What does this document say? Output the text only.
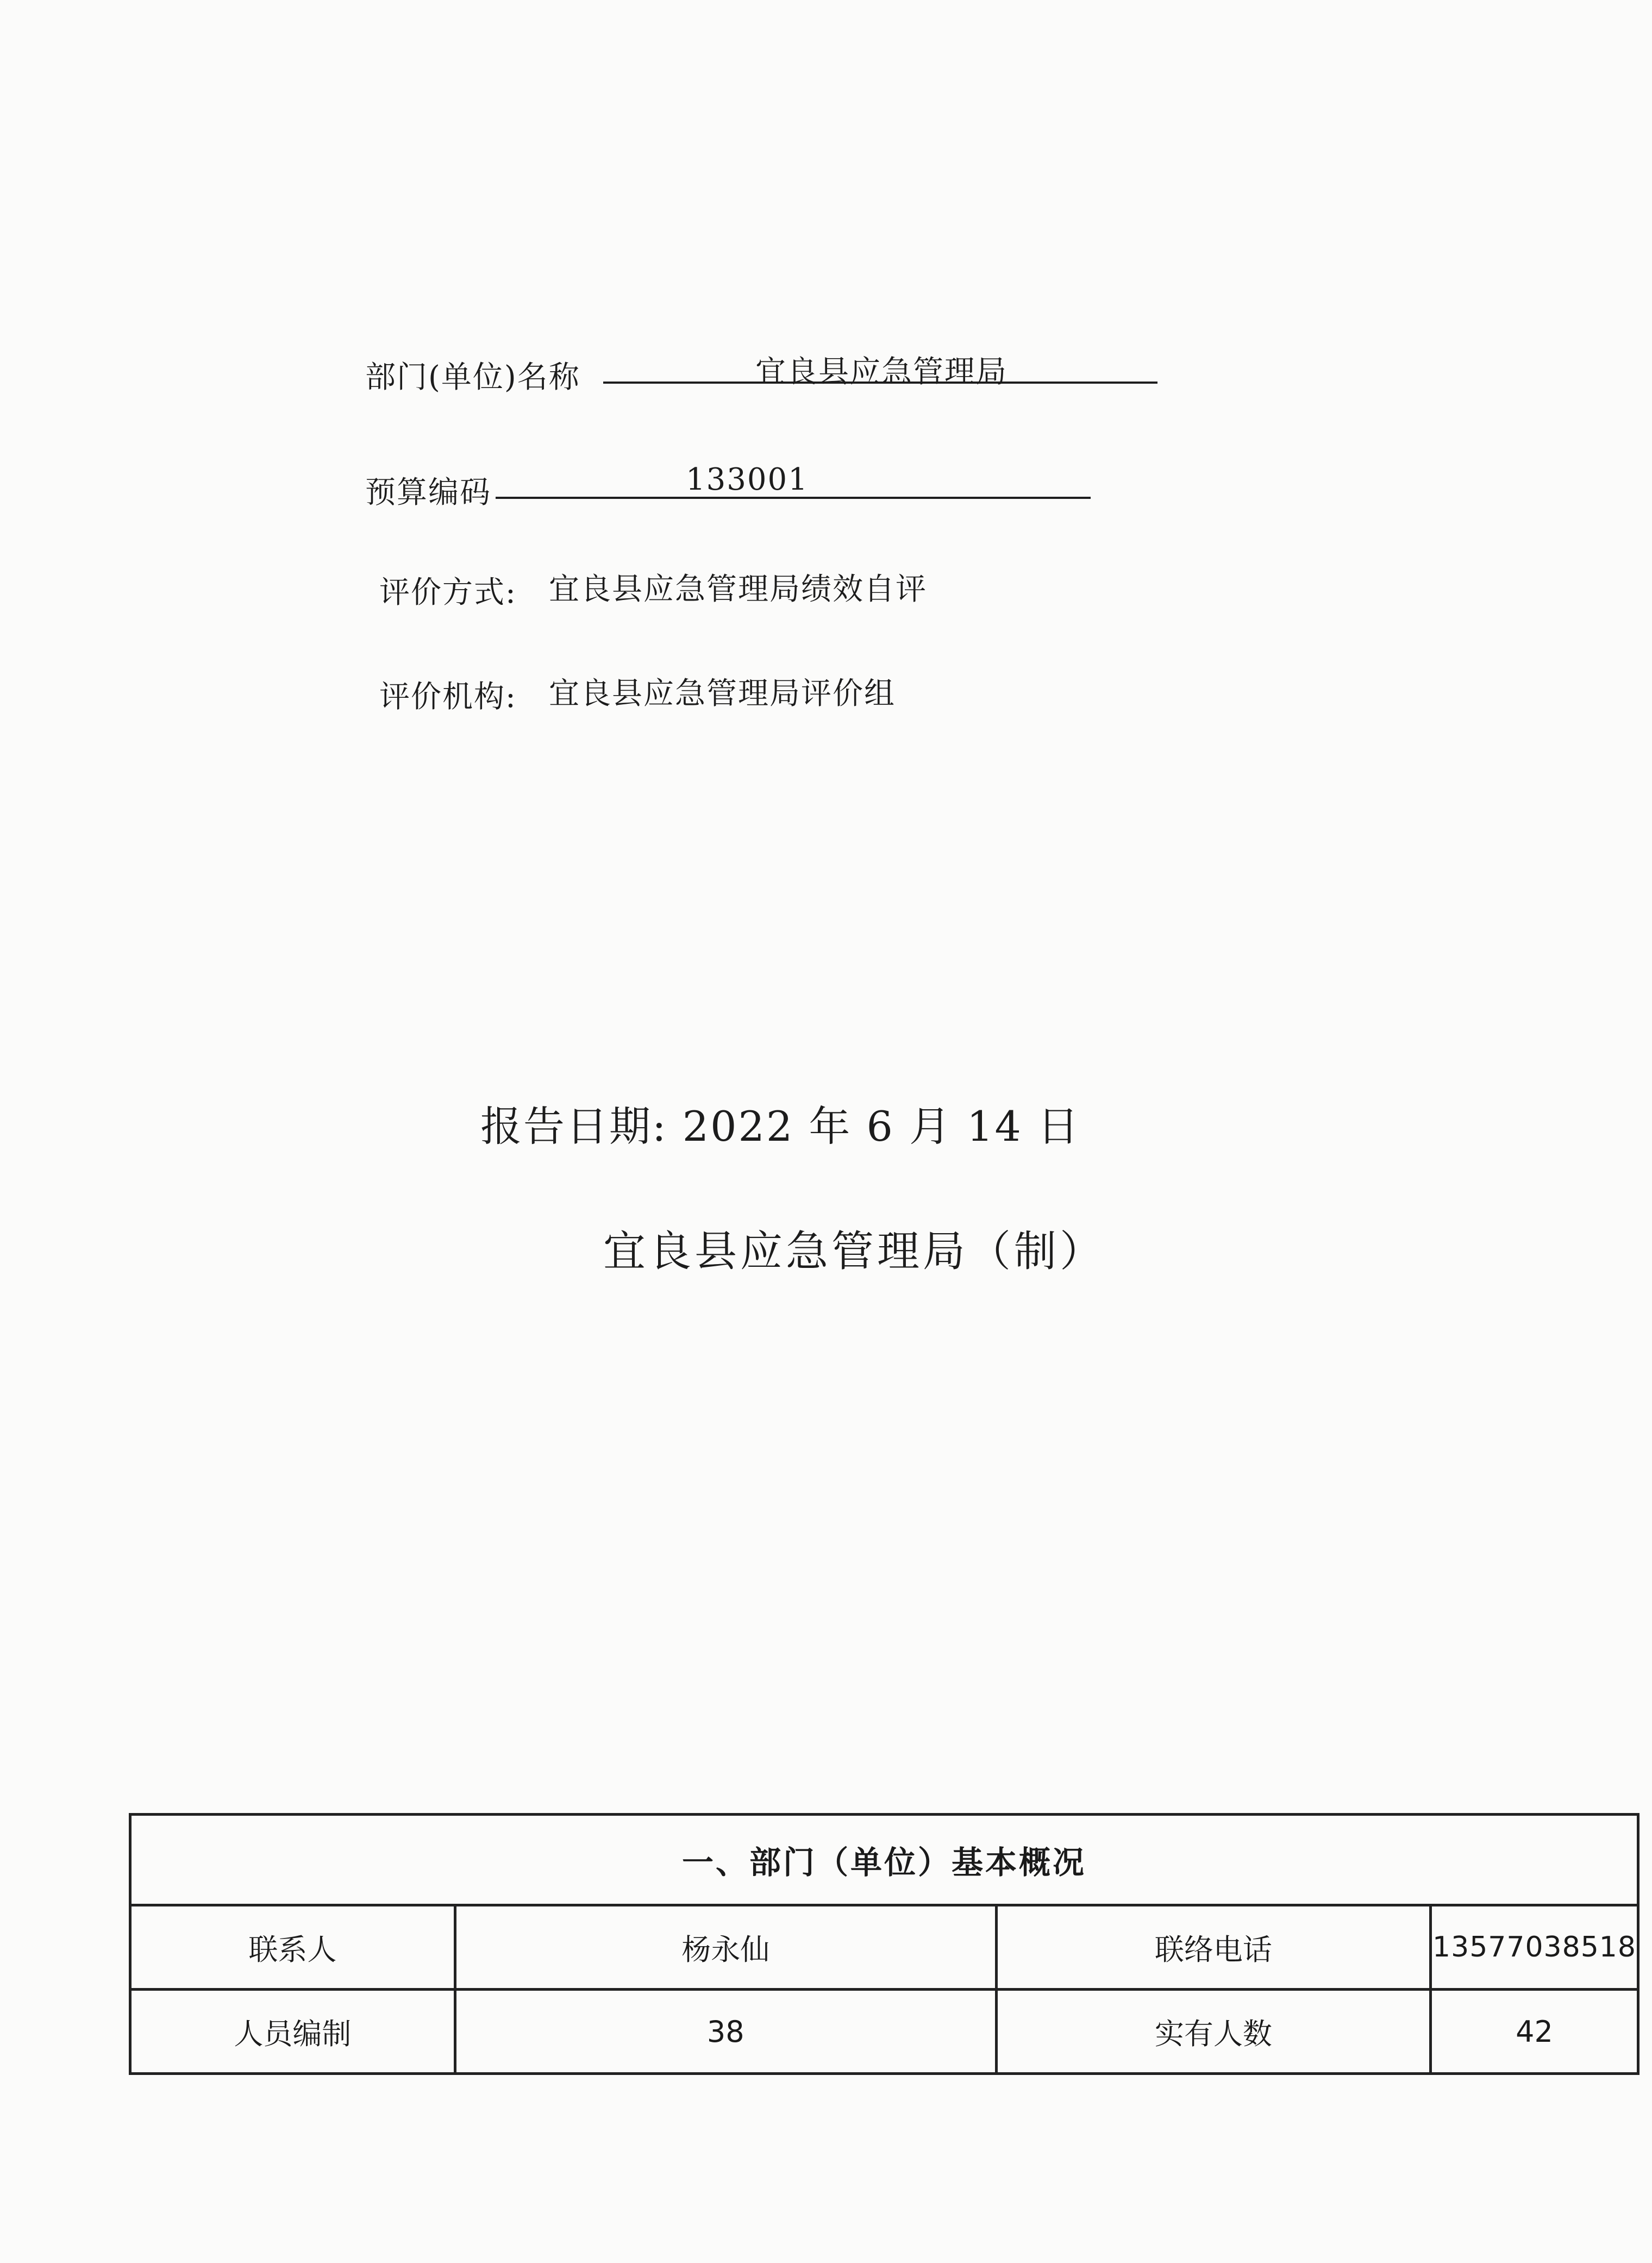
部门(单位)名称	宜良县应急管理局
预算编码	133001
评价方式: 宜良县应急管理局绩效自评
评价机构: 宜良县应急管理局评价组
报告日期: 2022 年 6 月 14 日
宜良县应急管理局（制）
一、部门（单位）基本概况			
联系人	杨永仙	联络电话	13577038518
人员编制	38	实有人数	42
